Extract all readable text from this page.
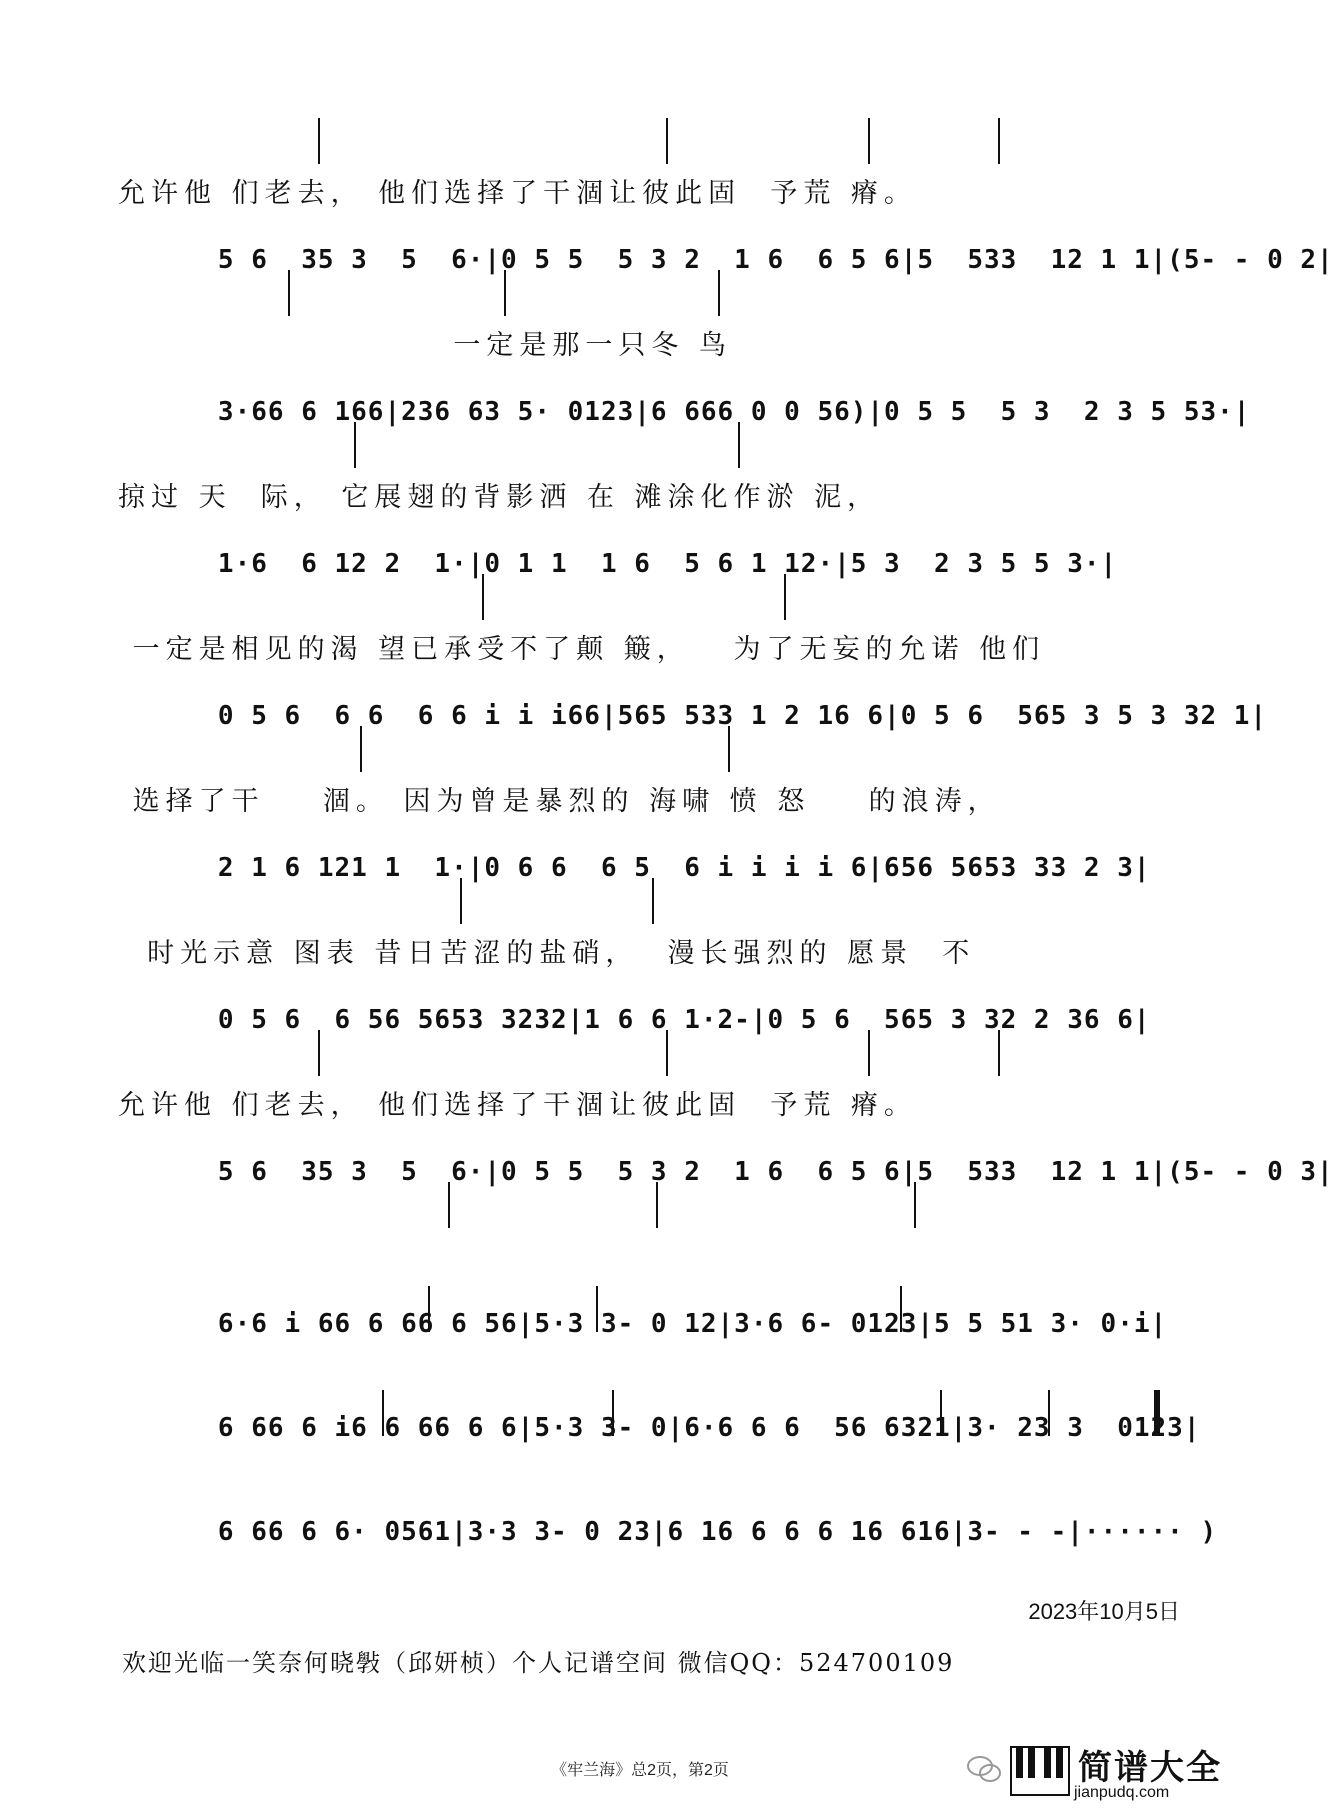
5 6  35 3  5  6·|0 5 5  5 3 2  1 6  6 5 6|5  533  12 1 1|(5- - 0 2|

允许他 们老去， 他们选择了干涸让彼此固  予荒 瘠。

3·66 6 166|236 63 5· 0123|6 666 0 0 56)|0 5 5  5 3  2 3 5 53·|

一定是那一只冬 鸟

1·6  6 12 2  1·|0 1 1  1 6  5 6 1 12·|5 3  2 3 5 5 3·|

掠过 天  际， 它展翅的背影洒 在 滩涂化作淤 泥，

0 5 6  6 6  6 6 i i i66|565 533 1 2 16 6|0 5 6  565 3 5 3 32 1|

一定是相见的渴 望已承受不了颠 簸，   为了无妄的允诺 他们

2 1 6 121 1  1·|0 6 6  6 5  6 i i i i 6|656 5653 33 2 3|

选择了干    涸。 因为曾是暴烈的 海啸 愤 怒    的浪涛，

0 5 6  6 56 5653 3232|1 6 6 1·2-|0 5 6  565 3 32 2 36 6|

时光示意 图表 昔日苦涩的盐硝，  漫长强烈的 愿景  不

5 6  35 3  5  6·|0 5 5  5 3 2  1 6  6 5 6|5  533  12 1 1|(5- - 0 3|

允许他 们老去， 他们选择了干涸让彼此固  予荒 瘠。

6·6 i 66 6 66 6 56|5·3 3- 0 12|3·6 6- 0123|5 5 51 3· 0·i|

6 66 6 i6 6 66 6 6|5·3 3- 0|6·6 6 6  56 6321|3· 23 3  0123|

6 66 6 6· 0561|3·3 3- 0 23|6 16 6 6 6 16 616|3- - -|······ )

2023年10月5日
欢迎光临一笑奈何晓斅（邱妍桢）个人记谱空间 微信QQ：524700109
《牢兰海》总2页，第2页	简谱大全
jianpudq.com
